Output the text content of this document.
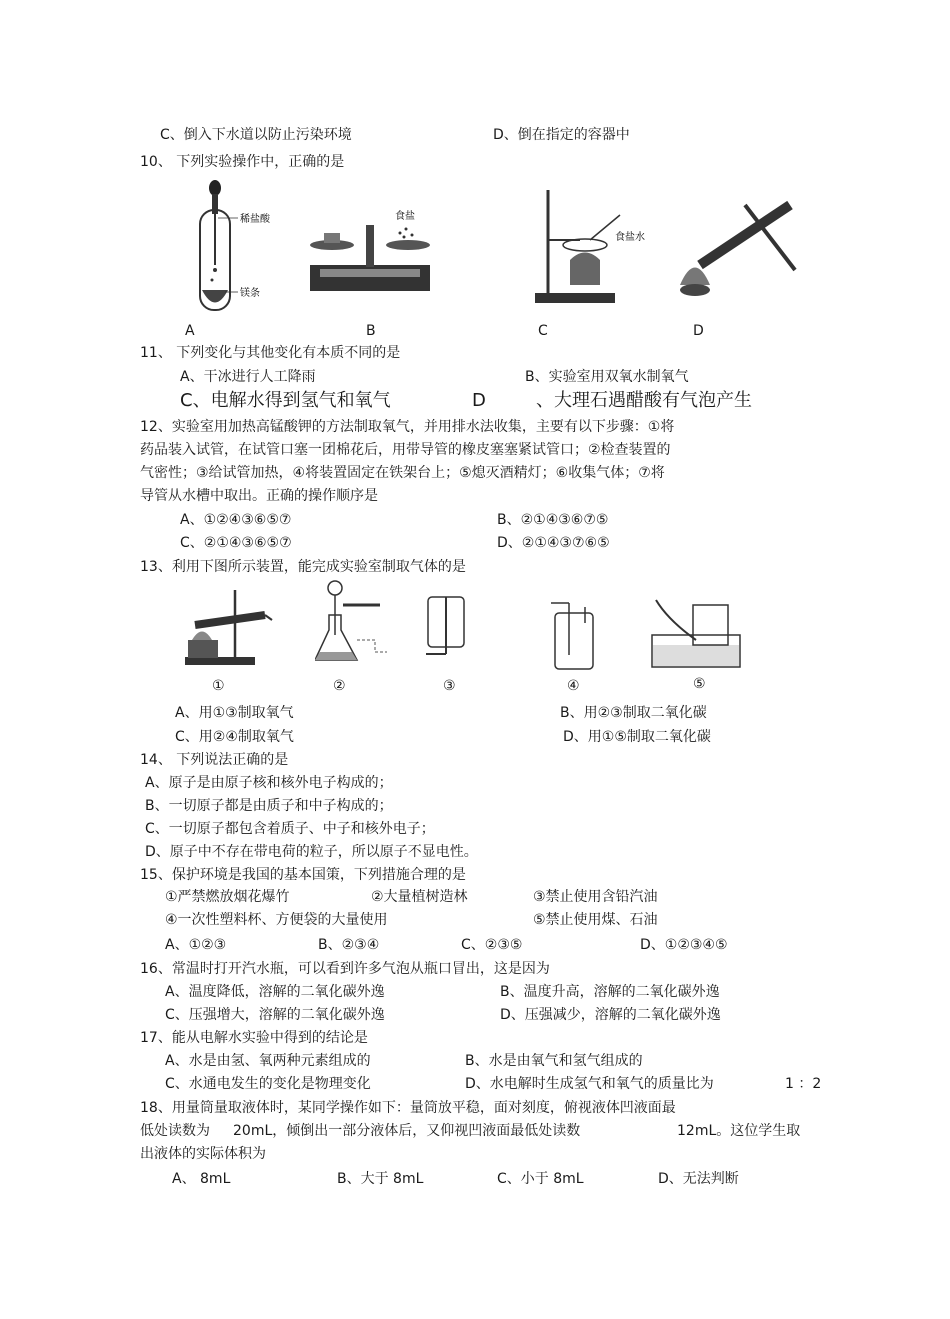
C、倒入下水道以防止污染环境	D、倒在指定的容器中
10、 下列实验操作中，正确的是
稀盐酸
镁条
食盐
食盐水
A	B	C	D
11、 下列变化与其他变化有本质不同的是
A、干冰进行人工降雨	B、实验室用双氧水制氧气
C、电解水得到氢气和氧气	D	、大理石遇醋酸有气泡产生
12、实验室用加热高锰酸钾的方法制取氧气，并用排水法收集，主要有以下步骤：①将
药品装入试管，在试管口塞一团棉花后，用带导管的橡皮塞塞紧试管口；②检查装置的
气密性；③给试管加热，④将装置固定在铁架台上；⑤熄灭酒精灯；⑥收集气体；⑦将
导管从水槽中取出。正确的操作顺序是
A、①②④③⑥⑤⑦	B、②①④③⑥⑦⑤
C、②①④③⑥⑤⑦	D、②①④③⑦⑥⑤
13、利用下图所示装置，能完成实验室制取气体的是
①	②	③	④	⑤
A、用①③制取氧气	B、用②③制取二氧化碳
C、用②④制取氧气	D、用①⑤制取二氧化碳
14、 下列说法正确的是
A、原子是由原子核和核外电子构成的；
B、一切原子都是由质子和中子构成的；
C、一切原子都包含着质子、中子和核外电子；
D、原子中不存在带电荷的粒子，所以原子不显电性。
15、保护环境是我国的基本国策，下列措施合理的是
①严禁燃放烟花爆竹	②大量植树造林	③禁止使用含铅汽油
④一次性塑料杯、方便袋的大量使用	⑤禁止使用煤、石油
A、①②③	B、②③④	C、②③⑤	D、①②③④⑤
16、常温时打开汽水瓶，可以看到许多气泡从瓶口冒出，这是因为
A、温度降低，溶解的二氧化碳外逸	B、温度升高，溶解的二氧化碳外逸
C、压强增大，溶解的二氧化碳外逸	D、压强减少，溶解的二氧化碳外逸
17、能从电解水实验中得到的结论是
A、水是由氢、氧两种元素组成的	B、水是由氧气和氢气组成的
C、水通电发生的变化是物理变化	D、水电解时生成氢气和氧气的质量比为	1 ：2
18、用量筒量取液体时，某同学操作如下：量筒放平稳，面对刻度，俯视液体凹液面最
低处读数为 20mL，倾倒出一部分液体后，又仰视凹液面最低处读数	12mL。这位学生取
出液体的实际体积为
A、 8mL	B、大于 8mL	C、小于 8mL	D、无法判断
